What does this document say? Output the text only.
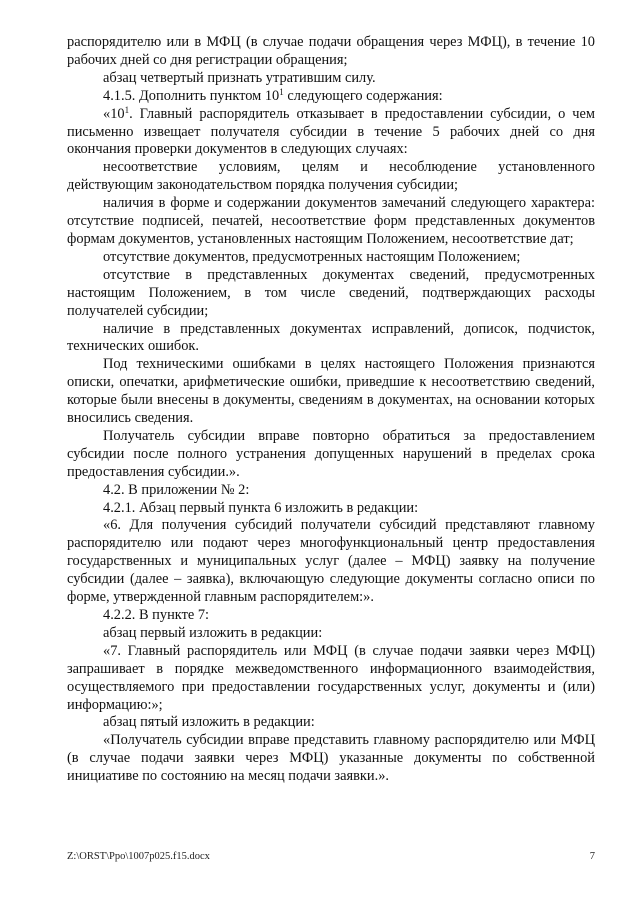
распорядителю или в МФЦ (в случае подачи обращения через МФЦ), в течение 10 рабочих дней со дня регистрации обращения;

абзац четвертый признать утратившим силу.

4.1.5. Дополнить пунктом $10^1$ следующего содержания:

«$10^1$. Главный распорядитель отказывает в предоставлении субсидии, о чем письменно извещает получателя субсидии в течение 5 рабочих дней со дня окончания проверки документов в следующих случаях:

несоответствие условиям, целям и несоблюдение установленного действующим законодательством порядка получения субсидии;

наличия в форме и содержании документов замечаний следующего характера: отсутствие подписей, печатей, несоответствие форм представленных документов формам документов, установленных настоящим Положением, несоответствие дат;

отсутствие документов, предусмотренных настоящим Положением;

отсутствие в представленных документах сведений, предусмотренных настоящим Положением, в том числе сведений, подтверждающих расходы получателей субсидии;

наличие в представленных документах исправлений, дописок, подчисток, технических ошибок.

Под техническими ошибками в целях настоящего Положения признаются описки, опечатки, арифметические ошибки, приведшие к несоответствию сведений, которые были внесены в документы, сведениям в документах, на основании которых вносились сведения.

Получатель субсидии вправе повторно обратиться за предоставлением субсидии после полного устранения допущенных нарушений в пределах срока предоставления субсидии.».

4.2. В приложении № 2:

4.2.1. Абзац первый пункта 6 изложить в редакции:

«6. Для получения субсидий получатели субсидий представляют главному распорядителю или подают через многофункциональный центр предоставления государственных и муниципальных услуг (далее – МФЦ) заявку на получение субсидии (далее – заявка), включающую следующие документы согласно описи по форме, утвержденной главным распорядителем:».

4.2.2. В пункте 7:

абзац первый изложить в редакции:

«7. Главный распорядитель или МФЦ (в случае подачи заявки через МФЦ) запрашивает в порядке межведомственного информационного взаимодействия, осуществляемого при предоставлении государственных услуг, документы и (или) информацию:»;

абзац пятый изложить в редакции:

«Получатель субсидии вправе представить главному распорядителю или МФЦ (в случае подачи заявки через МФЦ) указанные документы по собственной инициативе по состоянию на месяц подачи заявки.».

Z:\ORST\Ppo\1007p025.f15.docx	7
